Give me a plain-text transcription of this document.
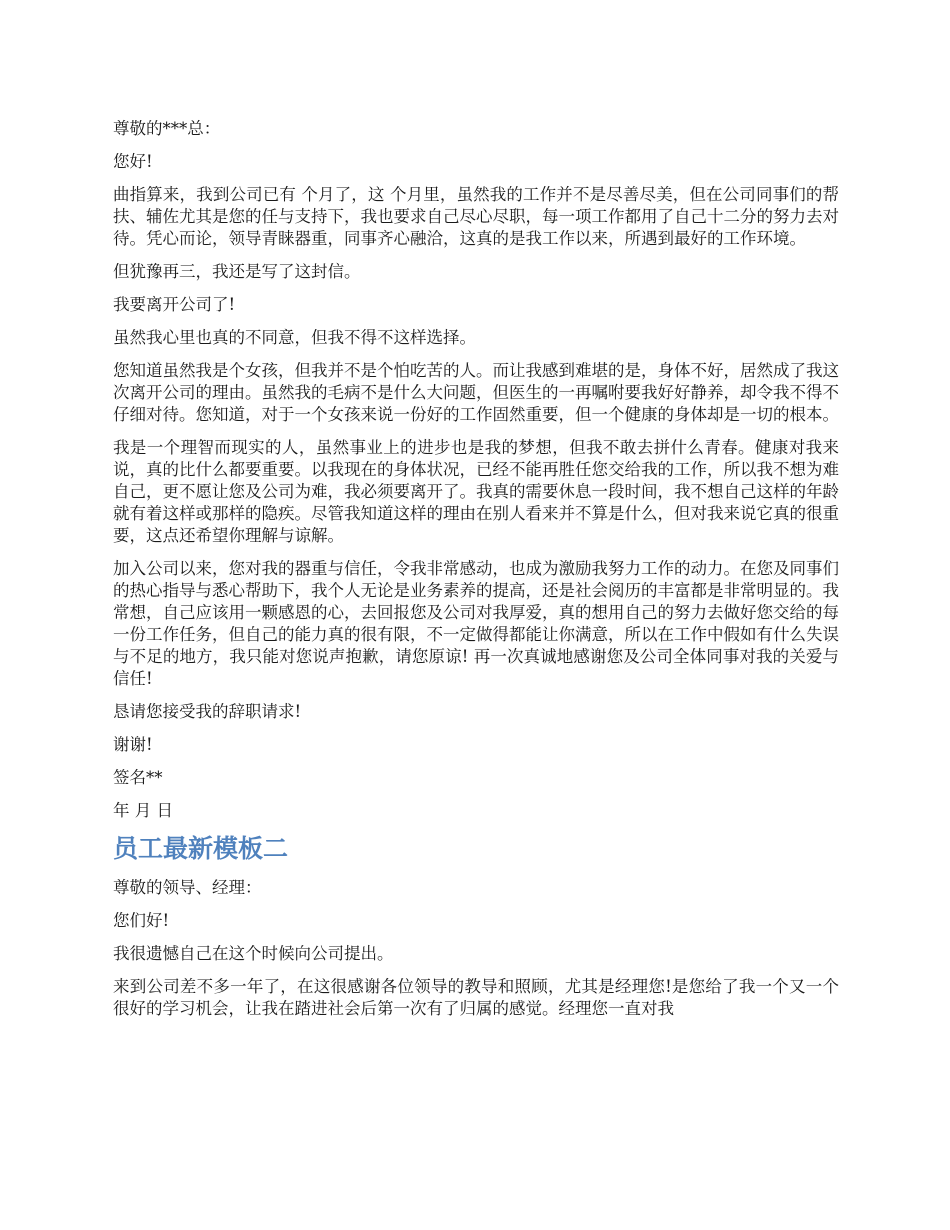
尊敬的***总：

您好!

曲指算来，我到公司已有 个月了，这 个月里，虽然我的工作并不是尽善尽美，但在公司同事们的帮扶、辅佐尤其是您的任与支持下，我也要求自己尽心尽职，每一项工作都用了自己十二分的努力去对待。凭心而论，领导青睐器重，同事齐心融洽，这真的是我工作以来，所遇到最好的工作环境。

但犹豫再三，我还是写了这封信。

我要离开公司了!

虽然我心里也真的不同意，但我不得不这样选择。

您知道虽然我是个女孩，但我并不是个怕吃苦的人。而让我感到难堪的是，身体不好，居然成了我这次离开公司的理由。虽然我的毛病不是什么大问题，但医生的一再嘱咐要我好好静养，却令我不得不仔细对待。您知道，对于一个女孩来说一份好的工作固然重要，但一个健康的身体却是一切的根本。

我是一个理智而现实的人，虽然事业上的进步也是我的梦想，但我不敢去拼什么青春。健康对我来说，真的比什么都要重要。以我现在的身体状况，已经不能再胜任您交给我的工作，所以我不想为难自己，更不愿让您及公司为难，我必须要离开了。我真的需要休息一段时间，我不想自己这样的年龄就有着这样或那样的隐疾。尽管我知道这样的理由在别人看来并不算是什么，但对我来说它真的很重要，这点还希望你理解与谅解。

加入公司以来，您对我的器重与信任，令我非常感动，也成为激励我努力工作的动力。在您及同事们的热心指导与悉心帮助下，我个人无论是业务素养的提高，还是社会阅历的丰富都是非常明显的。我常想，自己应该用一颗感恩的心，去回报您及公司对我厚爱，真的想用自己的努力去做好您交给的每一份工作任务，但自己的能力真的很有限，不一定做得都能让你满意，所以在工作中假如有什么失误与不足的地方，我只能对您说声抱歉，请您原谅! 再一次真诚地感谢您及公司全体同事对我的关爱与信任!

恳请您接受我的辞职请求!

谢谢!

签名**

年 月 日

员工最新模板二

尊敬的领导、经理：

您们好!

我很遗憾自己在这个时候向公司提出。

来到公司差不多一年了，在这很感谢各位领导的教导和照顾，尤其是经理您!是您给了我一个又一个很好的学习机会，让我在踏进社会后第一次有了归属的感觉。经理您一直对我
